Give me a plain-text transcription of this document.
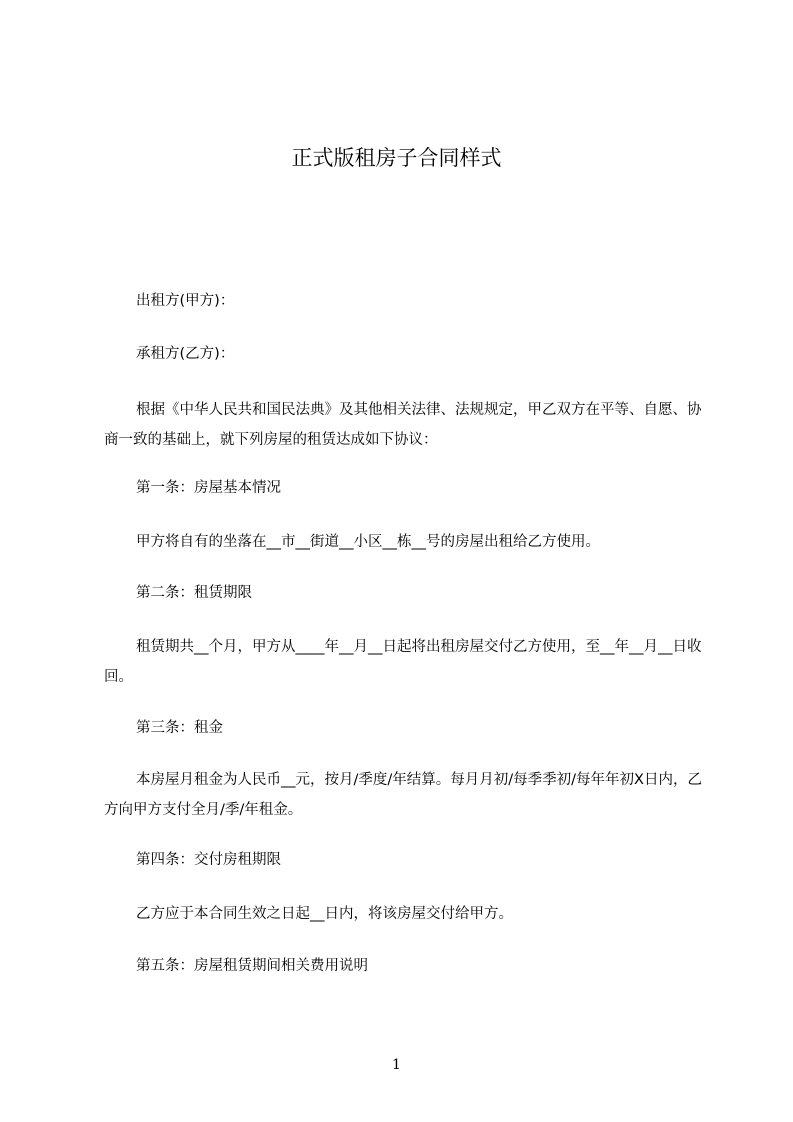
正式版租房子合同样式

出租方(甲方)：

承租方(乙方)：

根据《中华人民共和国民法典》及其他相关法律、法规规定，甲乙双方在平等、自愿、协商一致的基础上，就下列房屋的租赁达成如下协议：

第一条：房屋基本情况

甲方将自有的坐落在__市__街道__小区__栋__号的房屋出租给乙方使用。

第二条：租赁期限

租赁期共__个月，甲方从____年__月__日起将出租房屋交付乙方使用，至__年__月__日收回。

第三条：租金

本房屋月租金为人民币__元，按月/季度/年结算。每月月初/每季季初/每年年初X日内，乙方向甲方支付全月/季/年租金。

第四条：交付房租期限

乙方应于本合同生效之日起__日内，将该房屋交付给甲方。

第五条：房屋租赁期间相关费用说明

1
